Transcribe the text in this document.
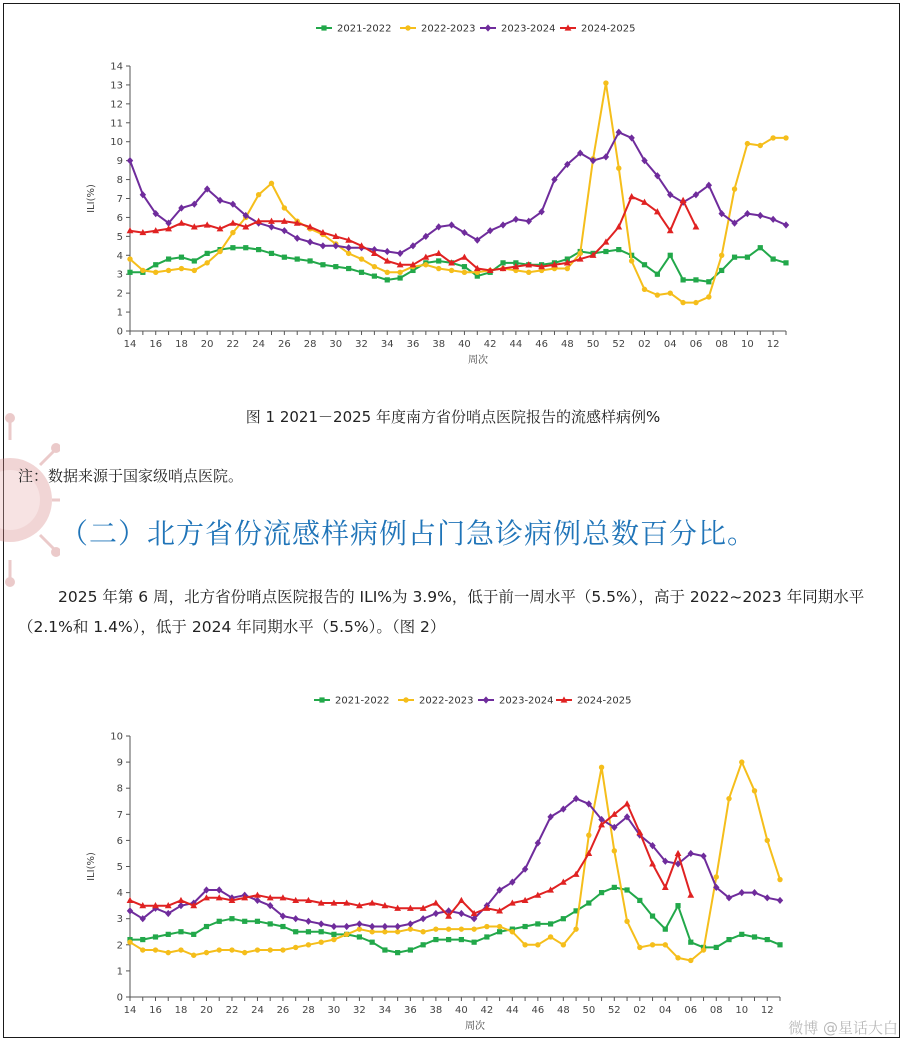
0
1
2
3
4
5
6
7
8
9
10
11
12
13
14
14 16 18 20 22 24 26 28 30 32 34 36 38 40 42 44 46 48 50 52 02 04 06 08 10 12
周次
ILI(%)
2021-2022	2022-2023	2023-2024	2024-2025
图 1 2021－2025 年度南方省份哨点医院报告的流感样病例%
注：数据来源于国家级哨点医院。
（二）北方省份流感样病例占门急诊病例总数百分比。
2025 年第 6 周，北方省份哨点医院报告的 ILI%为 3.9%，低于前一周水平（5.5%），高于 2022~2023 年同期水平（2.1%和 1.4%），低于 2024 年同期水平（5.5%）。（图 2）
0
1
2
3
4
5
6
7
8
9
10
14 16 18 20 22 24 26 28 30 32 34 36 38 40 42 44 46 48 50 52 02 04 06 08 10 12
周次
ILI(%)
2021-2022	2022-2023	2023-2024 2024-2025
微博 @星话大白
